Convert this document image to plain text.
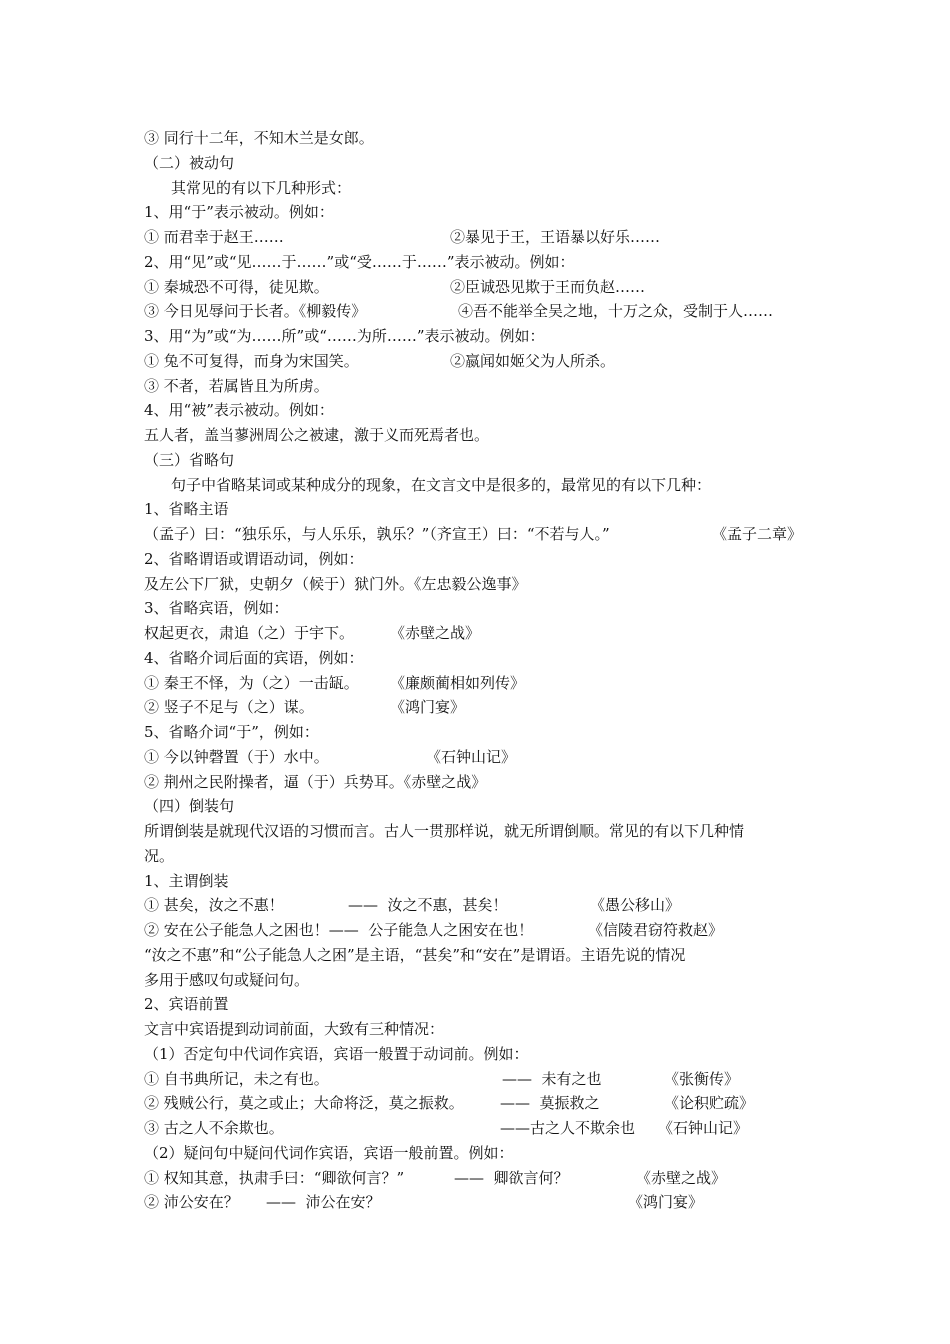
③ 同行十二年，不知木兰是女郎。
（二）被动句
　其常见的有以下几种形式：
1、用“于”表示被动。例如：
① 而君幸于赵王……	②暴见于王，王语暴以好乐……
2、用“见”或“见……于……”或“受……于……”表示被动。例如：
① 秦城恐不可得，徒见欺。	②臣诚恐见欺于王而负赵……
③ 今日见辱问于长者。《柳毅传》	④吾不能举全吴之地，十万之众，受制于人……
3、用“为”或“为……所”或“……为所……”表示被动。例如：
① 兔不可复得，而身为宋国笑。	②嬴闻如姬父为人所杀。
③ 不者，若属皆且为所虏。
4、用“被”表示被动。例如：
五人者，盖当蓼洲周公之被逮，激于义而死焉者也。
（三）省略句
　句子中省略某词或某种成分的现象，在文言文中是很多的，最常见的有以下几种：
1、省略主语
（孟子）曰：“独乐乐，与人乐乐，孰乐？”（齐宣王）曰：“不若与人。”	《孟子二章》
2、省略谓语或谓语动词，例如：
及左公下厂狱，史朝夕（候于）狱门外。《左忠毅公逸事》
3、省略宾语，例如：
权起更衣，肃追（之）于宇下。 《赤壁之战》
4、省略介词后面的宾语，例如：
① 秦王不怿，为（之）一击缻。 《廉颇蔺相如列传》
② 竖子不足与（之）谋。	《鸿门宴》
5、省略介词“于”，例如：
① 今以钟磬置（于）水中。	《石钟山记》
② 荆州之民附操者，逼（于）兵势耳。《赤壁之战》
（四）倒装句
所谓倒装是就现代汉语的习惯而言。古人一贯那样说，就无所谓倒顺。常见的有以下几种情
况。
1、主谓倒装
① 甚矣，汝之不惠！	——  汝之不惠，甚矣！	《愚公移山》
② 安在公子能急人之困也！——  公子能急人之困安在也！	《信陵君窃符救赵》
“汝之不惠”和“公子能急人之困”是主语，“甚矣”和“安在”是谓语。主语先说的情况
多用于感叹句或疑问句。
2、宾语前置
文言中宾语提到动词前面，大致有三种情况：
（1）否定句中代词作宾语，宾语一般置于动词前。例如：
① 自书典所记，未之有也。	——  未有之也	《张衡传》
② 残贼公行，莫之或止；大命将泛，莫之振救。 ——  莫振救之	《论积贮疏》
③ 古之人不余欺也。	——古之人不欺余也 《石钟山记》
（2）疑问句中疑问代词作宾语，宾语一般前置。例如：
① 权知其意，执肃手曰：“卿欲何言？”	——  卿欲言何？	《赤壁之战》
② 沛公安在？ ——  沛公在安？	《鸿门宴》
